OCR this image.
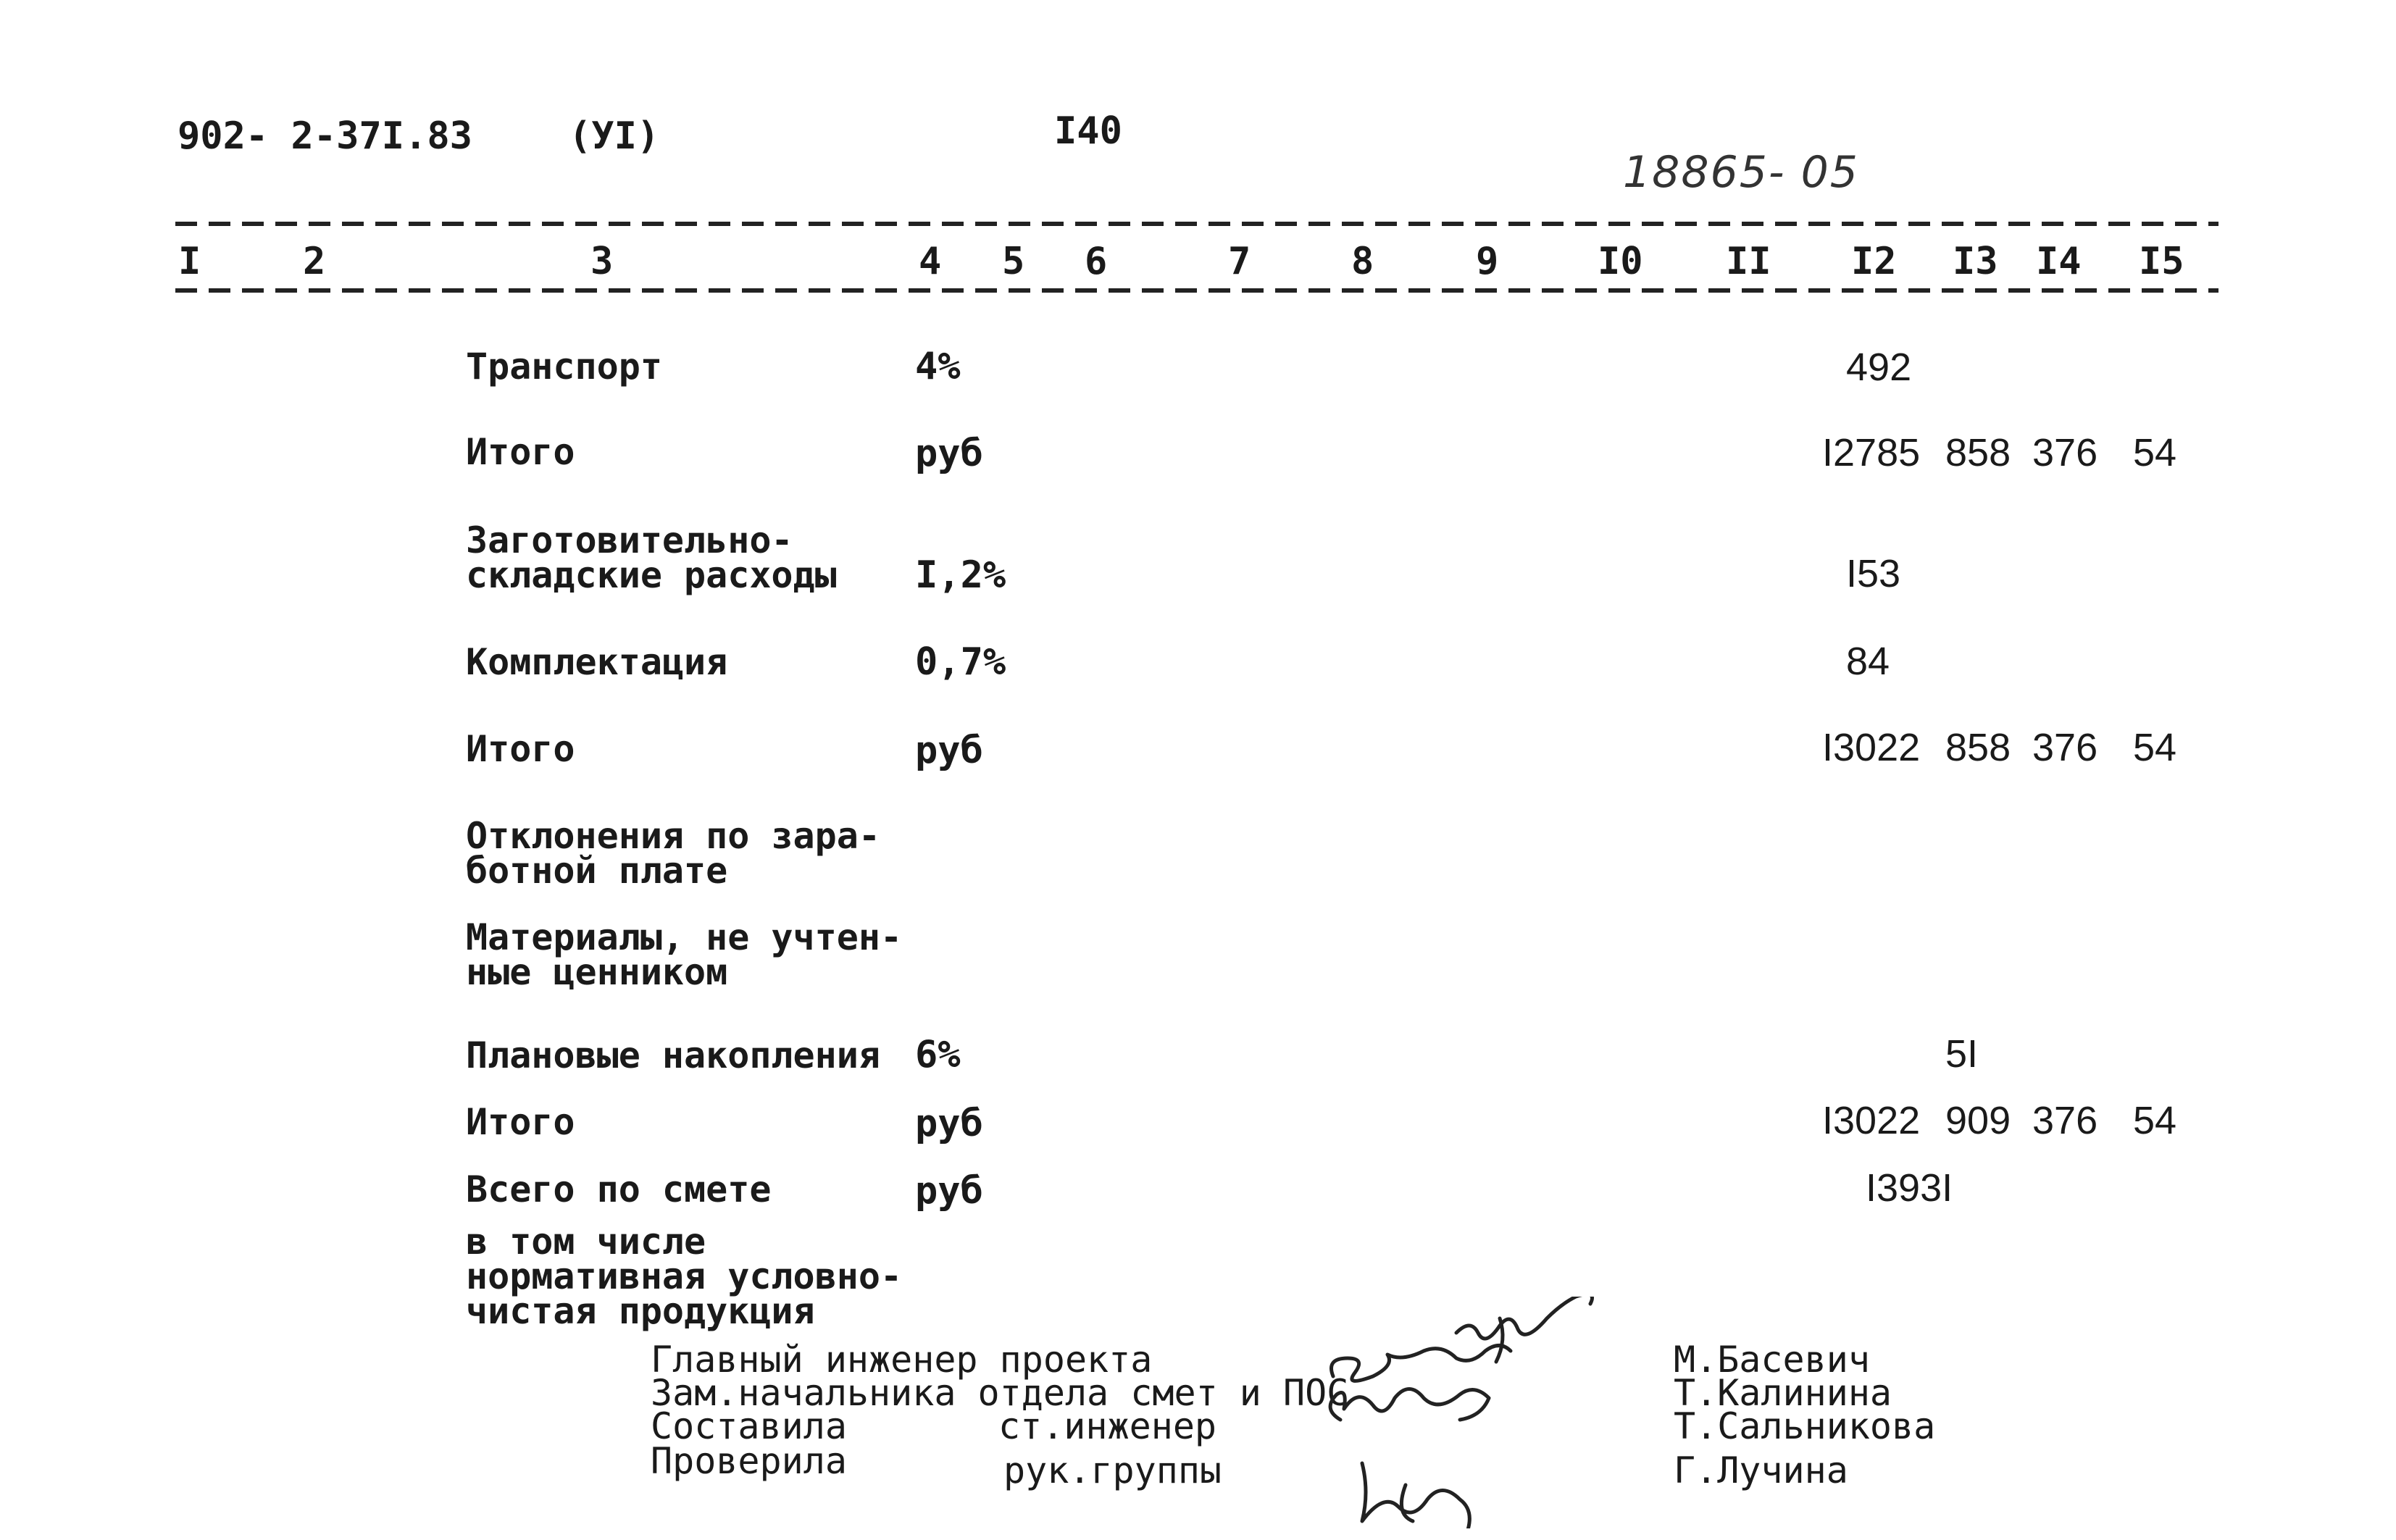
902- 2-37I.83	(УI)	I40
18865- 05
I	2	3	4 5 6	7	8	9	I0 II I2 I3 I4 I5
Транспорт	4%	492
Итого	руб	I2785 858 376 54
Заготовительно-
складские расходы I,2%	I53
Комплектация	0,7%	84
Итого	руб	I3022 858 376 54
Отклонения по зара-
ботной плате
Материалы, не учтен-
ные ценником
Плановые накопления 6%	5I
Итого	руб	I3022 909 376 54
Всего по смете	руб	I393I
в том числе
нормативная условно-
чистая продукция
Главный инженер проекта
Зам.начальника отдела смет и ПОС
Составила	ст.инженер
Проверила	рук.группы
М.Басевич
Т.Калинина
Т.Сальникова
Г.Лучина
